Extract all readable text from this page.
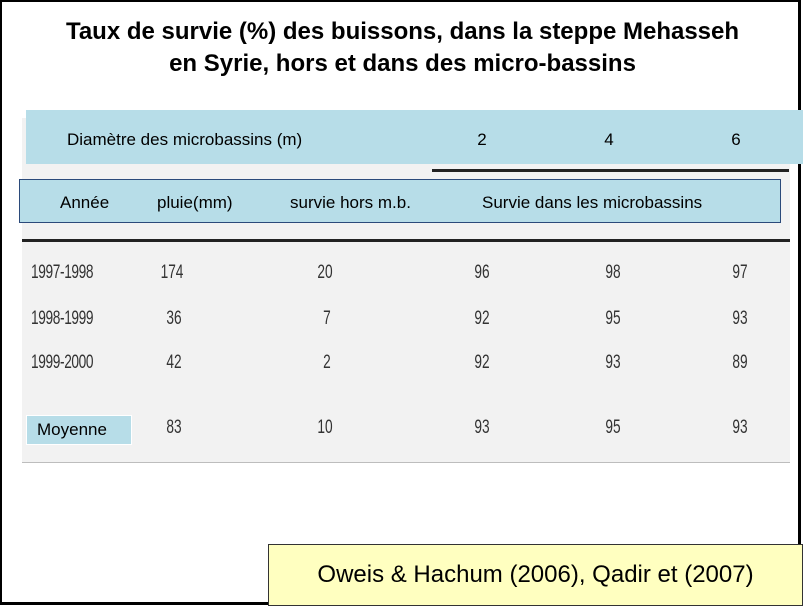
Taux de survie (%) des buissons, dans la steppe Mehasseh
en Syrie, hors et dans des micro-bassins
Diamètre des microbassins (m)	2	4	6
Année	pluie(mm)	survie hors m.b.	Survie dans les microbassins
1997-1998	174	20	96	98	97
1998-1999	36	7	92	95	93
1999-2000	42	2	92	93	89
Moyenne	83	10	93	95	93
Oweis & Hachum (2006), Qadir et (2007)
